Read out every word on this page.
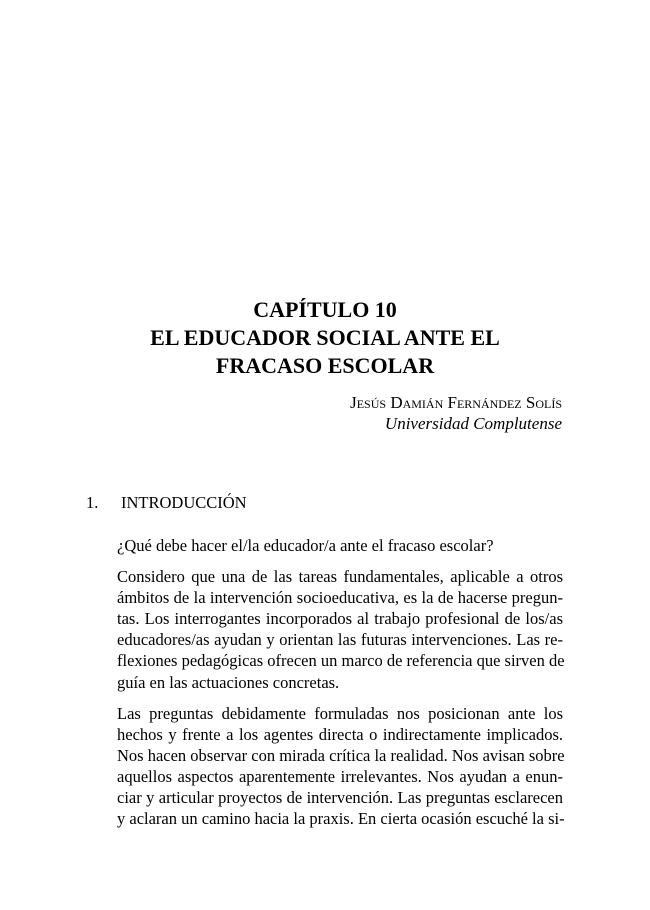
CAPÍTULO 10
EL EDUCADOR SOCIAL ANTE EL
FRACASO ESCOLAR
Jesús Damián Fernández Solís
Universidad Complutense
1. INTRODUCCIÓN

¿Qué debe hacer el/la educador/a ante el fracaso escolar?

Considero que una de las tareas fundamentales, aplicable a otros
ámbitos de la intervención socioeducativa, es la de hacerse pregun-
tas. Los interrogantes incorporados al trabajo profesional de los/as
educadores/as ayudan y orientan las futuras intervenciones. Las re-
flexiones pedagógicas ofrecen un marco de referencia que sirven de
guía en las actuaciones concretas.

Las preguntas debidamente formuladas nos posicionan ante los
hechos y frente a los agentes directa o indirectamente implicados.
Nos hacen observar con mirada crítica la realidad. Nos avisan sobre
aquellos aspectos aparentemente irrelevantes. Nos ayudan a enun-
ciar y articular proyectos de intervención. Las preguntas esclarecen
y aclaran un camino hacia la praxis. En cierta ocasión escuché la si-
